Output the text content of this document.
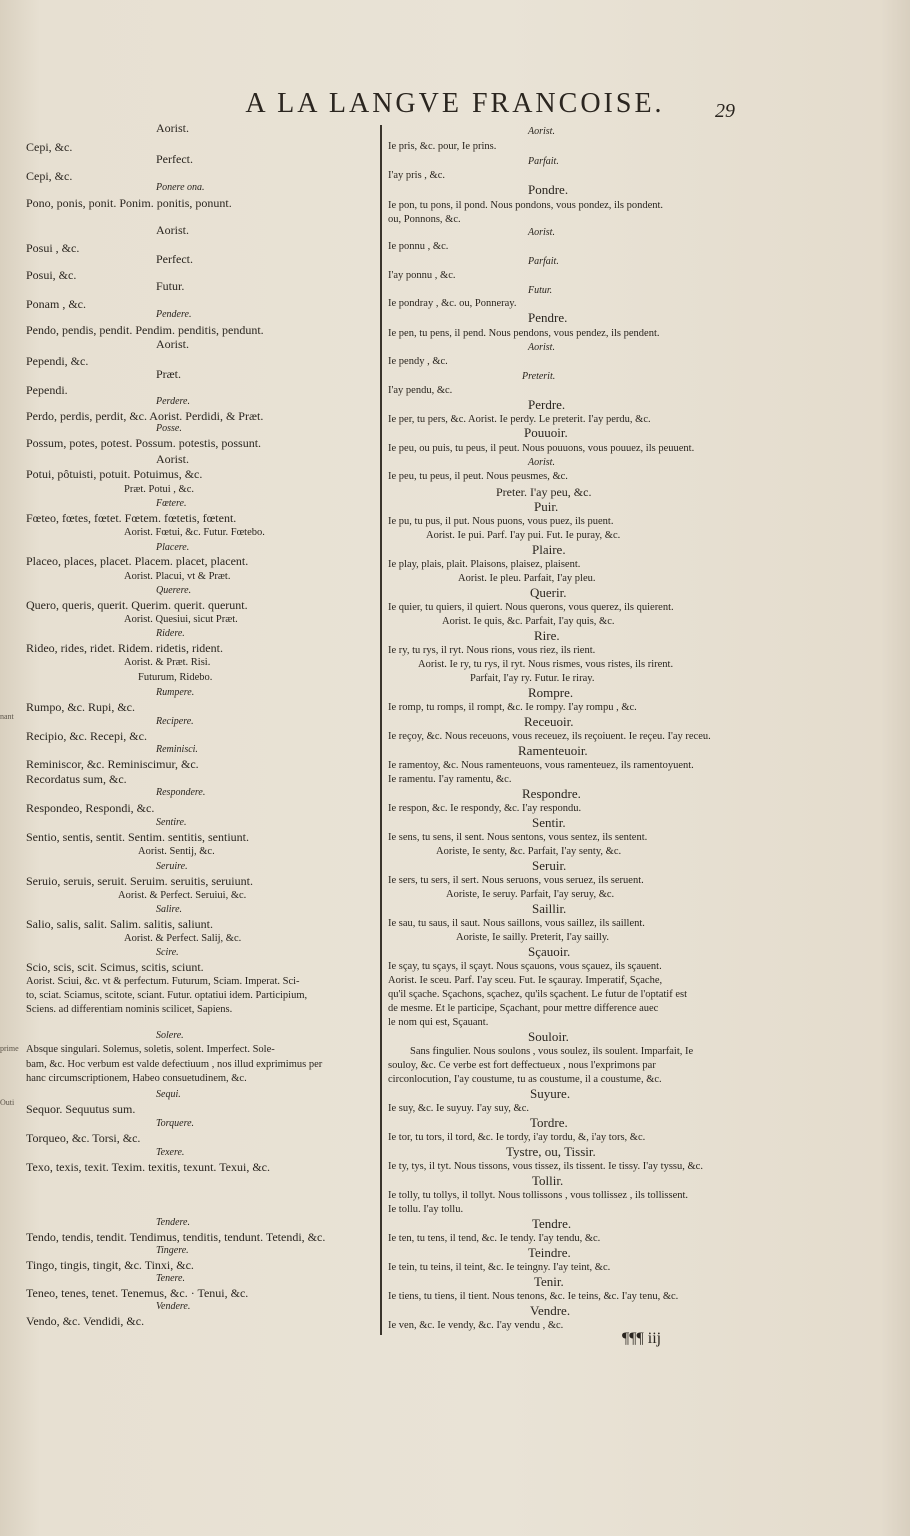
A LA LANGVE FRANCOISE.	29
nant
prime
Outi
Aorist.
Cepi, &c.
Perfect.
Cepi, &c.
Ponere ona.
Pono, ponis, ponit. Ponim. ponitis, ponunt.
Aorist.
Posui , &c.
Perfect.
Posui, &c.
Futur.
Ponam , &c.
Pendere.
Pendo, pendis, pendit. Pendim. penditis, pendunt.
Aorist.
Pependi, &c.
Præt.
Pependi.
Perdere.
Perdo, perdis, perdit, &c. Aorist. Perdidi, & Præt.
Posse.
Possum, potes, potest. Possum. potestis, possunt.
Aorist.
Potui, pôtuisti, potuit. Potuimus, &c.
Præt. Potui , &c.
Fœtere.
Fœteo, fœtes, fœtet. Fœtem. fœtetis, fœtent.
Aorist. Fœtui, &c. Futur. Fœtebo.
Placere.
Placeo, places, placet. Placem. placet, placent.
Aorist. Placui, vt & Præt.
Querere.
Quero, queris, querit. Querim. querit. querunt.
Aorist. Quesiui, sicut Præt.
Ridere.
Rideo, rides, ridet. Ridem. ridetis, rident.
Aorist. & Præt. Risi.
Futurum, Ridebo.
Rumpere.
Rumpo, &c. Rupi, &c.
Recipere.
Recipio, &c. Recepi, &c.
Reminisci.
Reminiscor, &c. Reminiscimur, &c.
Recordatus sum, &c.
Respondere.
Respondeo, Respondi, &c.
Sentire.
Sentio, sentis, sentit. Sentim. sentitis, sentiunt.
Aorist. Sentij, &c.
Seruire.
Seruio, seruis, seruit. Seruim. seruitis, seruiunt.
Aorist. & Perfect. Seruiui, &c.
Salire.
Salio, salis, salit. Salim. salitis, saliunt.
Aorist. & Perfect. Salij, &c.
Scire.
Scio, scis, scit. Scimus, scitis, sciunt.
Aorist. Sciui, &c. vt & perfectum. Futurum, Sciam. Imperat. Sci-
to, sciat. Sciamus, scitote, sciant. Futur. optatiui idem. Participium,
Sciens. ad differentiam nominis scilicet, Sapiens.
Solere.
Absque singulari. Solemus, soletis, solent. Imperfect. Sole-
bam, &c. Hoc verbum est valde defectiuum , nos illud exprimimus per
hanc circumscriptionem, Habeo consuetudinem, &c.
Sequi.
Sequor. Sequutus sum.
Torquere.
Torqueo, &c. Torsi, &c.
Texere.
Texo, texis, texit. Texim. texitis, texunt. Texui, &c.
Tendere.
Tendo, tendis, tendit. Tendimus, tenditis, tendunt. Tetendi, &c.
Tingere.
Tingo, tingis, tingit, &c. Tinxi, &c.
Tenere.
Teneo, tenes, tenet. Tenemus, &c. · Tenui, &c.
Vendere.
Vendo, &c. Vendidi, &c.
Aorist.
Ie pris, &c. pour, Ie prins.
Parfait.
I'ay pris , &c.
Pondre.
Ie pon, tu pons, il pond. Nous pondons, vous pondez, ils pondent.
ou, Ponnons, &c.
Aorist.
Ie ponnu , &c.
Parfait.
I'ay ponnu , &c.
Futur.
Ie pondray , &c. ou, Ponneray.
Pendre.
Ie pen, tu pens, il pend. Nous pendons, vous pendez, ils pendent.
Aorist.
Ie pendy , &c.
Preterit.
I'ay pendu, &c.
Perdre.
Ie per, tu pers, &c. Aorist. Ie perdy. Le preterit. I'ay perdu, &c.
Pouuoir.
Ie peu, ou puis, tu peus, il peut. Nous pouuons, vous pouuez, ils peuuent.
Aorist.
Ie peu, tu peus, il peut. Nous peusmes, &c.
Preter. I'ay peu, &c.
Puir.
Ie pu, tu pus, il put. Nous puons, vous puez, ils puent.
Aorist. Ie pui. Parf. I'ay pui. Fut. Ie puray, &c.
Plaire.
Ie play, plais, plait. Plaisons, plaisez, plaisent.
Aorist. Ie pleu. Parfait, I'ay pleu.
Querir.
Ie quier, tu quiers, il quiert. Nous querons, vous querez, ils quierent.
Aorist. Ie quis, &c. Parfait, I'ay quis, &c.
Rire.
Ie ry, tu rys, il ryt. Nous rions, vous riez, ils rient.
Aorist. Ie ry, tu rys, il ryt. Nous rismes, vous ristes, ils rirent.
Parfait, I'ay ry. Futur. Ie riray.
Rompre.
Ie romp, tu romps, il rompt, &c. Ie rompy. I'ay rompu , &c.
Receuoir.
Ie reçoy, &c. Nous receuons, vous receuez, ils reçoiuent. Ie reçeu. I'ay receu.
Ramenteuoir.
Ie ramentoy, &c. Nous ramenteuons, vous ramenteuez, ils ramentoyuent.
Ie ramentu. I'ay ramentu, &c.
Respondre.
Ie respon, &c. Ie respondy, &c. I'ay respondu.
Sentir.
Ie sens, tu sens, il sent. Nous sentons, vous sentez, ils sentent.
Aoriste, Ie senty, &c. Parfait, I'ay senty, &c.
Seruir.
Ie sers, tu sers, il sert. Nous seruons, vous seruez, ils seruent.
Aoriste, Ie seruy. Parfait, I'ay seruy, &c.
Saillir.
Ie sau, tu saus, il saut. Nous saillons, vous saillez, ils saillent.
Aoriste, Ie sailly. Preterit, I'ay sailly.
Sçauoir.
Ie sçay, tu sçays, il sçayt. Nous sçauons, vous sçauez, ils sçauent.
Aorist. Ie sceu. Parf. I'ay sceu. Fut. Ie sçauray. Imperatif, Sçache,
qu'il sçache. Sçachons, sçachez, qu'ils sçachent. Le futur de l'optatif est
de mesme. Et le participe, Sçachant, pour mettre difference auec
le nom qui est, Sçauant.
Souloir.
Sans fingulier. Nous soulons , vous soulez, ils soulent. Imparfait, Ie
souloy, &c. Ce verbe est fort deffectueux , nous l'exprimons par
circonlocution, I'ay coustume, tu as coustume, il a coustume, &c.
Suyure.
Ie suy, &c. Ie suyuy. I'ay suy, &c.
Tordre.
Ie tor, tu tors, il tord, &c. Ie tordy, i'ay tordu, &, i'ay tors, &c.
Tystre, ou, Tissir.
Ie ty, tys, il tyt. Nous tissons, vous tissez, ils tissent. Ie tissy. I'ay tyssu, &c.
Tollir.
Ie tolly, tu tollys, il tollyt. Nous tollissons , vous tollissez , ils tollissent.
Ie tollu. I'ay tollu.
Tendre.
Ie ten, tu tens, il tend, &c. Ie tendy. I'ay tendu, &c.
Teindre.
Ie tein, tu teins, il teint, &c. Ie teingny. I'ay teint, &c.
Tenir.
Ie tiens, tu tiens, il tient. Nous tenons, &c. Ie teins, &c. I'ay tenu, &c.
Vendre.
Ie ven, &c. Ie vendy, &c. I'ay vendu , &c.
¶¶¶ iij
